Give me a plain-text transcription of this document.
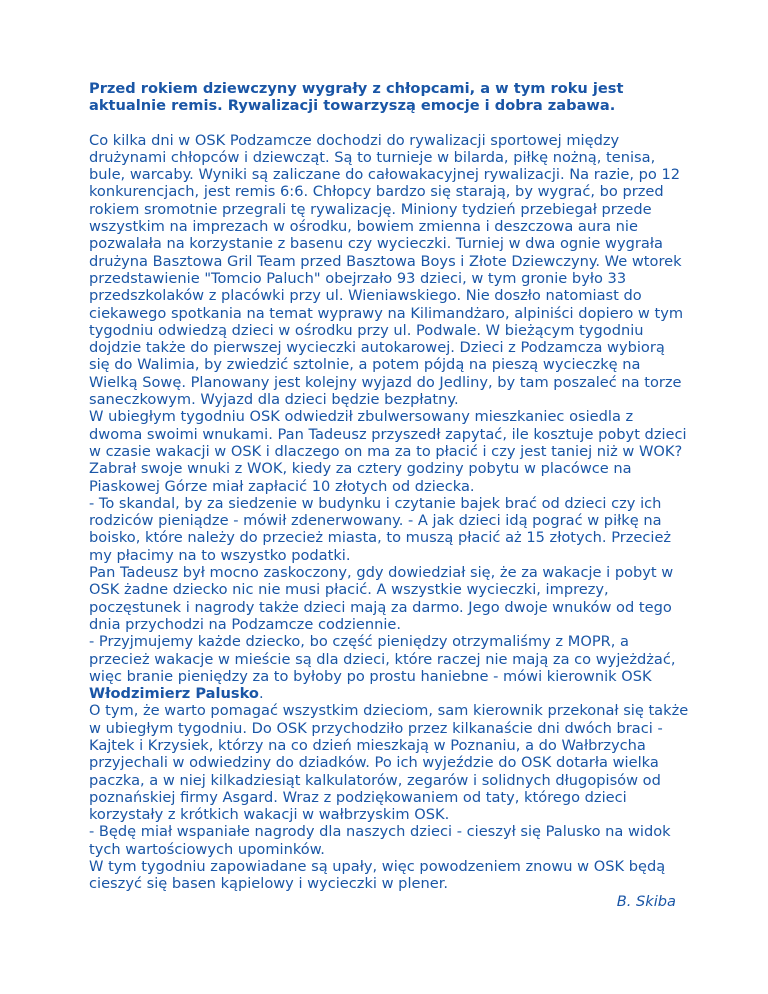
Przed rokiem dziewczyny wygrały z chłopcami, a w tym roku jest aktualnie remis. Rywalizacji towarzyszą emocje i dobra zabawa.

Co kilka dni w OSK Podzamcze dochodzi do rywalizacji sportowej między drużynami chłopców i dziewcząt. Są to turnieje w bilarda, piłkę nożną, tenisa, bule, warcaby. Wyniki są zaliczane do całowakacyjnej rywalizacji. Na razie, po 12 konkurencjach, jest remis 6:6. Chłopcy bardzo się starają, by wygrać, bo przed rokiem sromotnie przegrali tę rywalizację. Miniony tydzień przebiegał przede wszystkim na imprezach w ośrodku, bowiem zmienna i deszczowa aura nie pozwalała na korzystanie z basenu czy wycieczki. Turniej w dwa ognie wygrała drużyna Basztowa Gril Team przed Basztowa Boys i Złote Dziewczyny. We wtorek przedstawienie "Tomcio Paluch" obejrzało 93 dzieci, w tym gronie było 33 przedszkolaków z placówki przy ul. Wieniawskiego. Nie doszło natomiast do ciekawego spotkania na temat wyprawy na Kilimandżaro, alpiniści dopiero w tym tygodniu odwiedzą dzieci w ośrodku przy ul. Podwale. W bieżącym tygodniu dojdzie także do pierwszej wycieczki autokarowej. Dzieci z Podzamcza wybiorą się do Walimia, by zwiedzić sztolnie, a potem pójdą na pieszą wycieczkę na Wielką Sowę. Planowany jest kolejny wyjazd do Jedliny, by tam poszaleć na torze saneczkowym. Wyjazd dla dzieci będzie bezpłatny.

W ubiegłym tygodniu OSK odwiedził zbulwersowany mieszkaniec osiedla z dwoma swoimi wnukami. Pan Tadeusz przyszedł zapytać, ile kosztuje pobyt dzieci w czasie wakacji w OSK i dlaczego on ma za to płacić i czy jest taniej niż w WOK? Zabrał swoje wnuki z WOK, kiedy za cztery godziny pobytu w placówce na Piaskowej Górze miał zapłacić 10 złotych od dziecka.

- To skandal, by za siedzenie w budynku i czytanie bajek brać od dzieci czy ich rodziców pieniądze - mówił zdenerwowany. - A jak dzieci idą pograć w piłkę na boisko, które należy do przecież miasta, to muszą płacić aż 15 złotych. Przecież my płacimy na to wszystko podatki.

Pan Tadeusz był mocno zaskoczony, gdy dowiedział się, że za wakacje i pobyt w OSK żadne dziecko nic nie musi płacić. A wszystkie wycieczki, imprezy, poczęstunek i nagrody także dzieci mają za darmo. Jego dwoje wnuków od tego dnia przychodzi na Podzamcze codziennie.

- Przyjmujemy każde dziecko, bo część pieniędzy otrzymaliśmy z MOPR, a przecież wakacje w mieście są dla dzieci, które raczej nie mają za co wyjeżdżać, więc branie pieniędzy za to byłoby po prostu haniebne - mówi kierownik OSK Włodzimierz Palusko.

O tym, że warto pomagać wszystkim dzieciom, sam kierownik przekonał się także w ubiegłym tygodniu. Do OSK przychodziło przez kilkanaście dni dwóch braci - Kajtek i Krzysiek, którzy na co dzień mieszkają w Poznaniu, a do Wałbrzycha przyjechali w odwiedziny do dziadków. Po ich wyjeździe do OSK dotarła wielka paczka, a w niej kilkadziesiąt kalkulatorów, zegarów i solidnych długopisów od poznańskiej firmy Asgard. Wraz z podziękowaniem od taty, którego dzieci korzystały z krótkich wakacji w wałbrzyskim OSK.

- Będę miał wspaniałe nagrody dla naszych dzieci - cieszył się Palusko na widok tych wartościowych upominków.

W tym tygodniu zapowiadane są upały, więc powodzeniem znowu w OSK będą cieszyć się basen kąpielowy i wycieczki w plener.

B. Skiba
